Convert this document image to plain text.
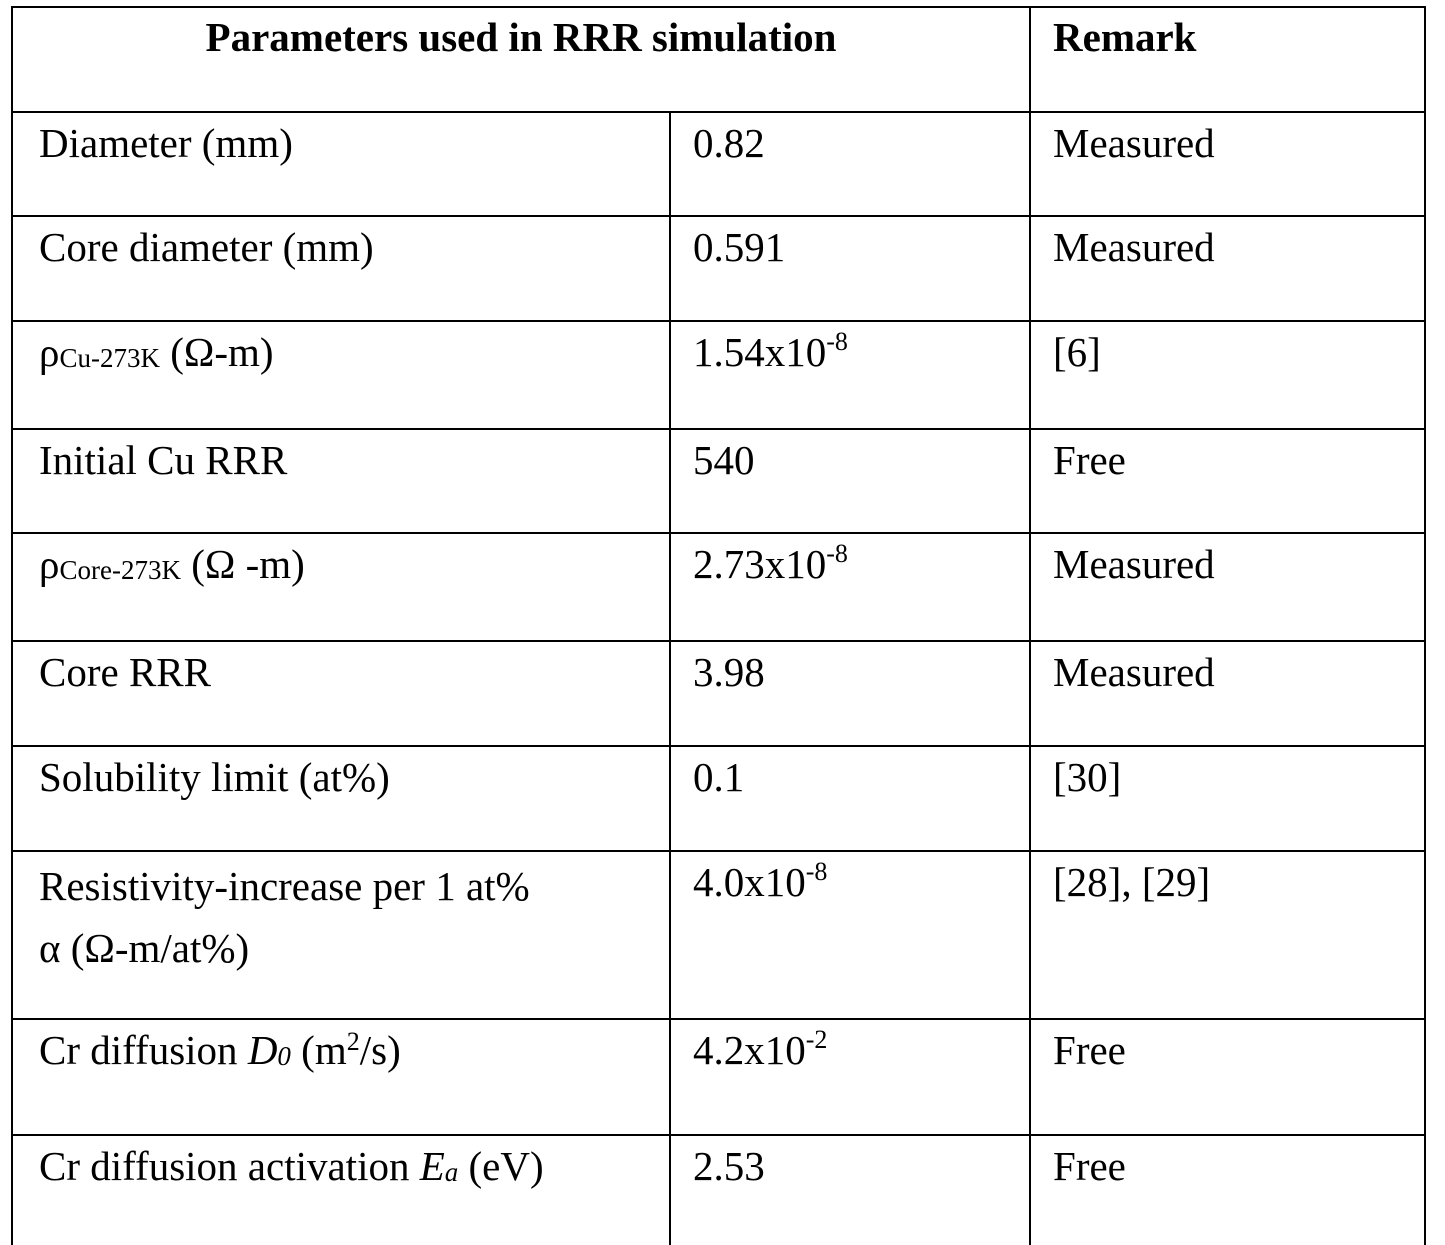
Parameters used in RRR simulation		Remark

Diameter (mm)	0.82	Measured

Core diameter (mm)	0.591	Measured

$\rho_{Cu-273K}$ (Ω-m)	$1.54x10^{-8}$	[6]

Initial Cu RRR	540	Free

$\rho_{Core-273K}$ (Ω -m)	$2.73x10^{-8}$	Measured

Core RRR	3.98	Measured

Solubility limit (at%)	0.1	[30]

Resistivity-increase per 1 at%
α (Ω-m/at%)	$4.0x10^{-8}$	[28], [29]

Cr diffusion $D_0$ $(m^2/s)$	$4.2x10^{-2}$	Free

Cr diffusion activation $E_a$ (eV)	2.53	Free
